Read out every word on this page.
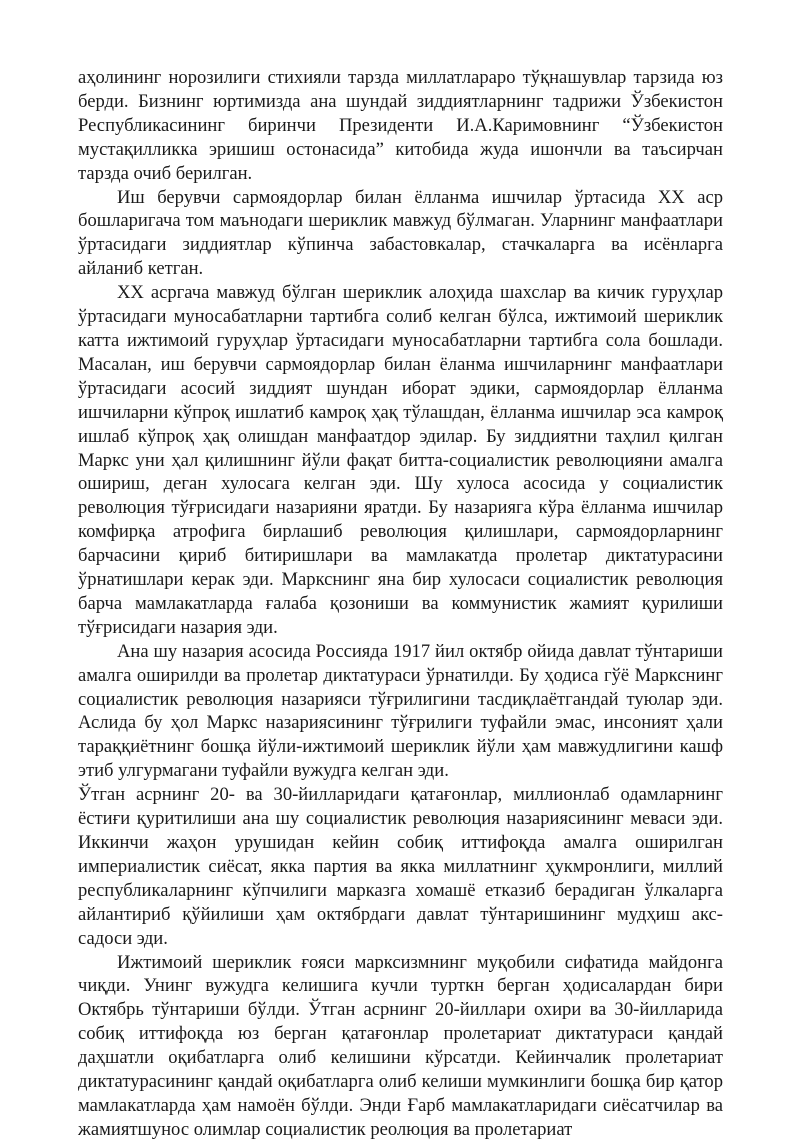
аҳолининг норозилиги стихияли тарзда миллатлараро тўқнашувлар тарзида юз берди. Бизнинг юртимизда ана шундай зиддиятларнинг тадрижи Ўзбекистон Республикасининг биринчи Президенти И.А.Каримовнинг “Ўзбекистон мустақилликка эришиш остонасида” китобида жуда ишончли ва таъсирчан тарзда очиб берилган.

Иш берувчи сармоядорлар билан ёлланма ишчилар ўртасида XX аср бошларигача том маънодаги шериклик мавжуд бўлмаган. Уларнинг манфаатлари ўртасидаги зиддиятлар кўпинча забастовкалар, стачкаларга ва исёнларга айланиб кетган.

XX асргача мавжуд бўлган шериклик алоҳида шахслар ва кичик гуруҳлар ўртасидаги муносабатларни тартибга солиб келган бўлса, ижтимоий шериклик катта ижтимоий гуруҳлар ўртасидаги муносабатларни тартибга сола бошлади. Масалан, иш берувчи сармоядорлар билан ёланма ишчиларнинг манфаатлари ўртасидаги асосий зиддият шундан иборат эдики, сармоядорлар ёлланма ишчиларни кўпроқ ишлатиб камроқ ҳақ тўлашдан, ёлланма ишчилар эса камроқ ишлаб кўпроқ ҳақ олишдан манфаатдор эдилар. Бу зиддиятни таҳлил қилган Маркс уни ҳал қилишнинг йўли фақат битта-социалистик революцияни амалга ошириш, деган хулосага келган эди. Шу хулоса асосида у социалистик революция тўғрисидаги назарияни яратди. Бу назарияга кўра ёлланма ишчилар комфирқа атрофига бирлашиб революция қилишлари, сармоядорларнинг барчасини қириб битиришлари ва мамлакатда пролетар диктатурасини ўрнатишлари керак эди. Маркснинг яна бир хулосаси социалистик революция барча мамлакатларда ғалаба қозониши ва коммунистик жамият қурилиши тўғрисидаги назария эди.

Ана шу назария асосида Россияда 1917 йил октябр ойида давлат тўнтариши амалга оширилди ва пролетар диктатураси ўрнатилди. Бу ҳодиса гўё Маркснинг социалистик революция назарияси тўғрилигини тасдиқлаётгандай туюлар эди. Аслида бу ҳол Маркс назариясининг тўғрилиги туфайли эмас, инсоният ҳали тараққиётнинг бошқа йўли-ижтимоий шериклик йўли ҳам мавжудлигини кашф этиб улгурмагани туфайли вужудга келган эди.

Ўтган асрнинг 20- ва 30-йилларидаги қатағонлар, миллионлаб одамларнинг ёстиғи қуритилиши ана шу социалистик революция назариясининг меваси эди. Иккинчи жаҳон урушидан кейин собиқ иттифоқда амалга оширилган империалистик сиёсат, якка партия ва якка миллатнинг ҳукмронлиги, миллий республикаларнинг кўпчилиги марказга хомашё етказиб берадиган ўлкаларга айлантириб қўйилиши ҳам октябрдаги давлат тўнтаришининг мудҳиш акс-садоси эди.

Ижтимоий шериклик ғояси марксизмнинг муқобили сифатида майдонга чиқди. Унинг вужудга келишига кучли турткн берган ҳодисалардан бири Октябрь тўнтариши бўлди. Ўтган асрнинг 20-йиллари охири ва 30-йилларида собиқ иттифоқда юз берган қатағонлар пролетариат диктатураси қандай даҳшатли оқибатларга олиб келишини кўрсатди. Кейинчалик пролетариат диктатурасининг қандай оқибатларга олиб келиши мумкинлиги бошқа бир қатор мамлакатларда ҳам намоён бўлди. Энди Ғарб мамлакатларидаги сиёсатчилар ва жамиятшунос олимлар социалистик реолюция ва пролетариат
